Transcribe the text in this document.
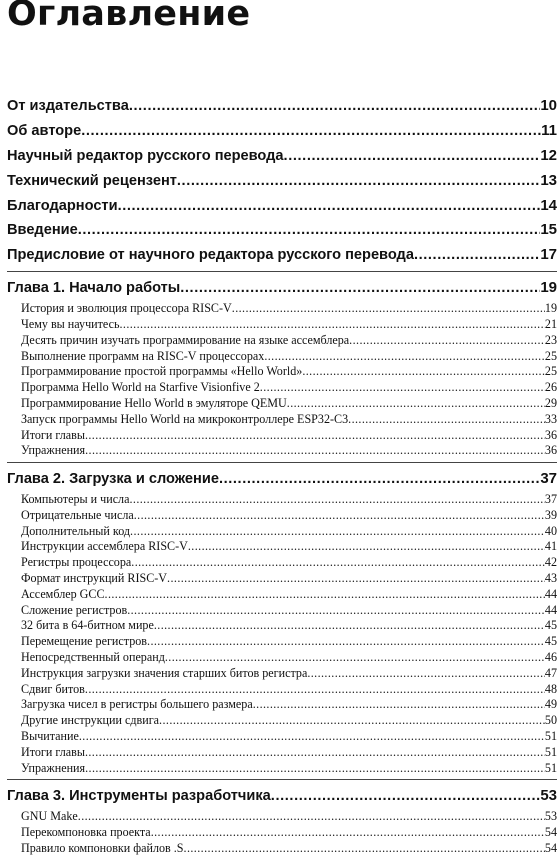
Оглавление
От издательства .....	10
Об авторе .....	11
Научный редактор русского перевода .....	12
Технический рецензент .....	13
Благодарности .....	14
Введение .....	15
Предисловие от научного редактора русского перевода .....	17
Глава 1. Начало работы .....	19
История и эволюция процессора RISC-V .....	19
Чему вы научитесь .....	21
Десять причин изучать программирование на языке ассемблера .....	23
Выполнение программ на RISC-V процессорах .....	25
Программирование простой программы «Hello World» .....	25
Программа Hello World на Starfive Visionfive 2 .....	26
Программирование Hello World в эмуляторе QEMU .....	29
Запуск программы Hello World на микроконтроллере ESP32-C3 .....	33
Итоги главы .....	36
Упражнения .....	36
Глава 2. Загрузка и сложение .....	37
Компьютеры и числа .....	37
Отрицательные числа .....	39
Дополнительный код .....	40
Инструкции ассемблера RISC-V .....	41
Регистры процессора .....	42
Формат инструкций RISC-V .....	43
Ассемблер GCC .....	44
Сложение регистров .....	44
32 бита в 64-битном мире .....	45
Перемещение регистров .....	45
Непосредственный операнд .....	46
Инструкция загрузки значения старших битов регистра .....	47
Сдвиг битов .....	48
Загрузка чисел в регистры большего размера .....	49
Другие инструкции сдвига .....	50
Вычитание .....	51
Итоги главы .....	51
Упражнения .....	51
Глава 3. Инструменты разработчика .....	53
GNU Make .....	53
Перекомпоновка проекта .....	54
Правило компоновки файлов .S .....	54
